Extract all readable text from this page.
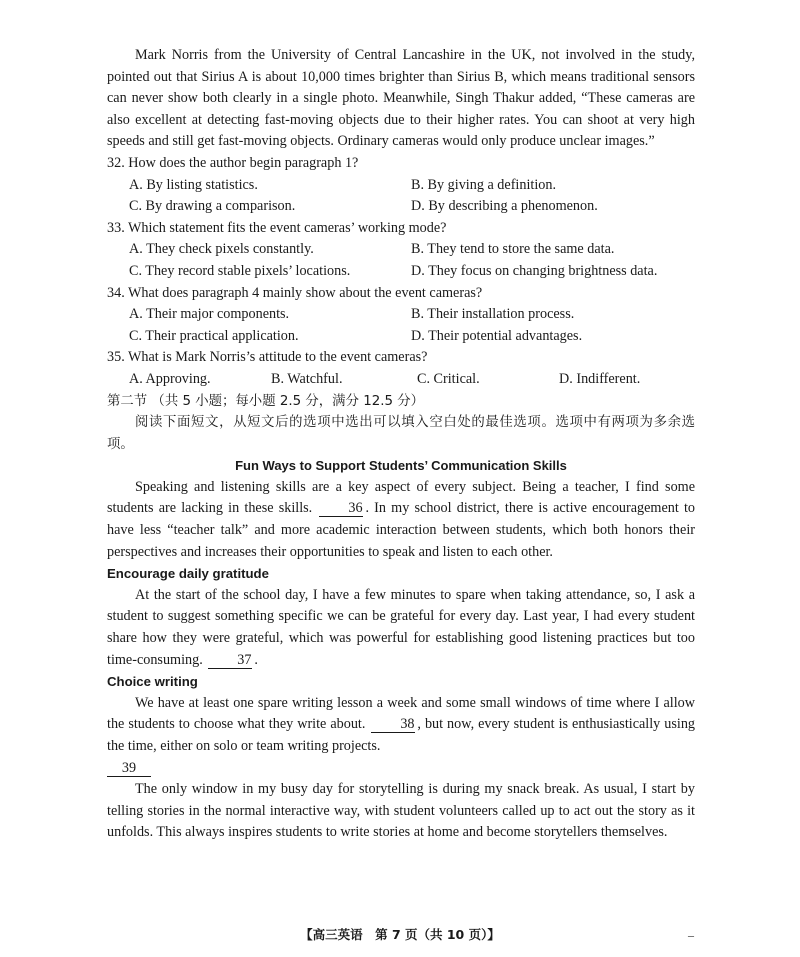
Mark Norris from the University of Central Lancashire in the UK, not involved in the study, pointed out that Sirius A is about 10,000 times brighter than Sirius B, which means traditional sensors can never show both clearly in a single photo. Meanwhile, Singh Thakur added, “These cameras are also excellent at detecting fast-moving objects due to their higher rates. You can shoot at very high speeds and still get fast-moving objects. Ordinary cameras would only produce unclear images.”

32. How does the author begin paragraph 1?

A. By listing statistics.	B. By giving a definition.
C. By drawing a comparison.	D. By describing a phenomenon.

33. Which statement fits the event cameras’ working mode?

A. They check pixels constantly.	B. They tend to store the same data.
C. They record stable pixels’ locations.	D. They focus on changing brightness data.

34. What does paragraph 4 mainly show about the event cameras?

A. Their major components.	B. Their installation process.
C. Their practical application.	D. Their potential advantages.

35. What is Mark Norris’s attitude to the event cameras?

A. Approving.	B. Watchful.	C. Critical.	D. Indifferent.

第二节 （共 5 小题；每小题 2.5 分，满分 12.5 分）

阅读下面短文，从短文后的选项中选出可以填入空白处的最佳选项。选项中有两项为多余选项。

Fun Ways to Support Students’ Communication Skills

Speaking and listening skills are a key aspect of every subject. Being a teacher, I find some students are lacking in these skills.	36 . In my school district, there is active encouragement to have less “teacher talk” and more academic interaction between students, which both honors their perspectives and increases their opportunities to speak and listen to each other.

Encourage daily gratitude

At the start of the school day, I have a few minutes to spare when taking attendance, so, I ask a student to suggest something specific we can be grateful for every day. Last year, I had every student share how they were grateful, which was powerful for establishing good listening practices but too time-consuming. 37 .

Choice writing

We have at least one spare writing lesson a week and some small windows of time where I allow the students to choose what they write about. 38 , but now, every student is enthusiastically using the time, either on solo or team writing projects.

39

The only window in my busy day for storytelling is during my snack break. As usual, I start by telling stories in the normal interactive way, with student volunteers called up to act out the story as it unfolds. This always inspires students to write stories at home and become storytellers themselves.

【高三英语　第 7 页（共 10 页）】	–
